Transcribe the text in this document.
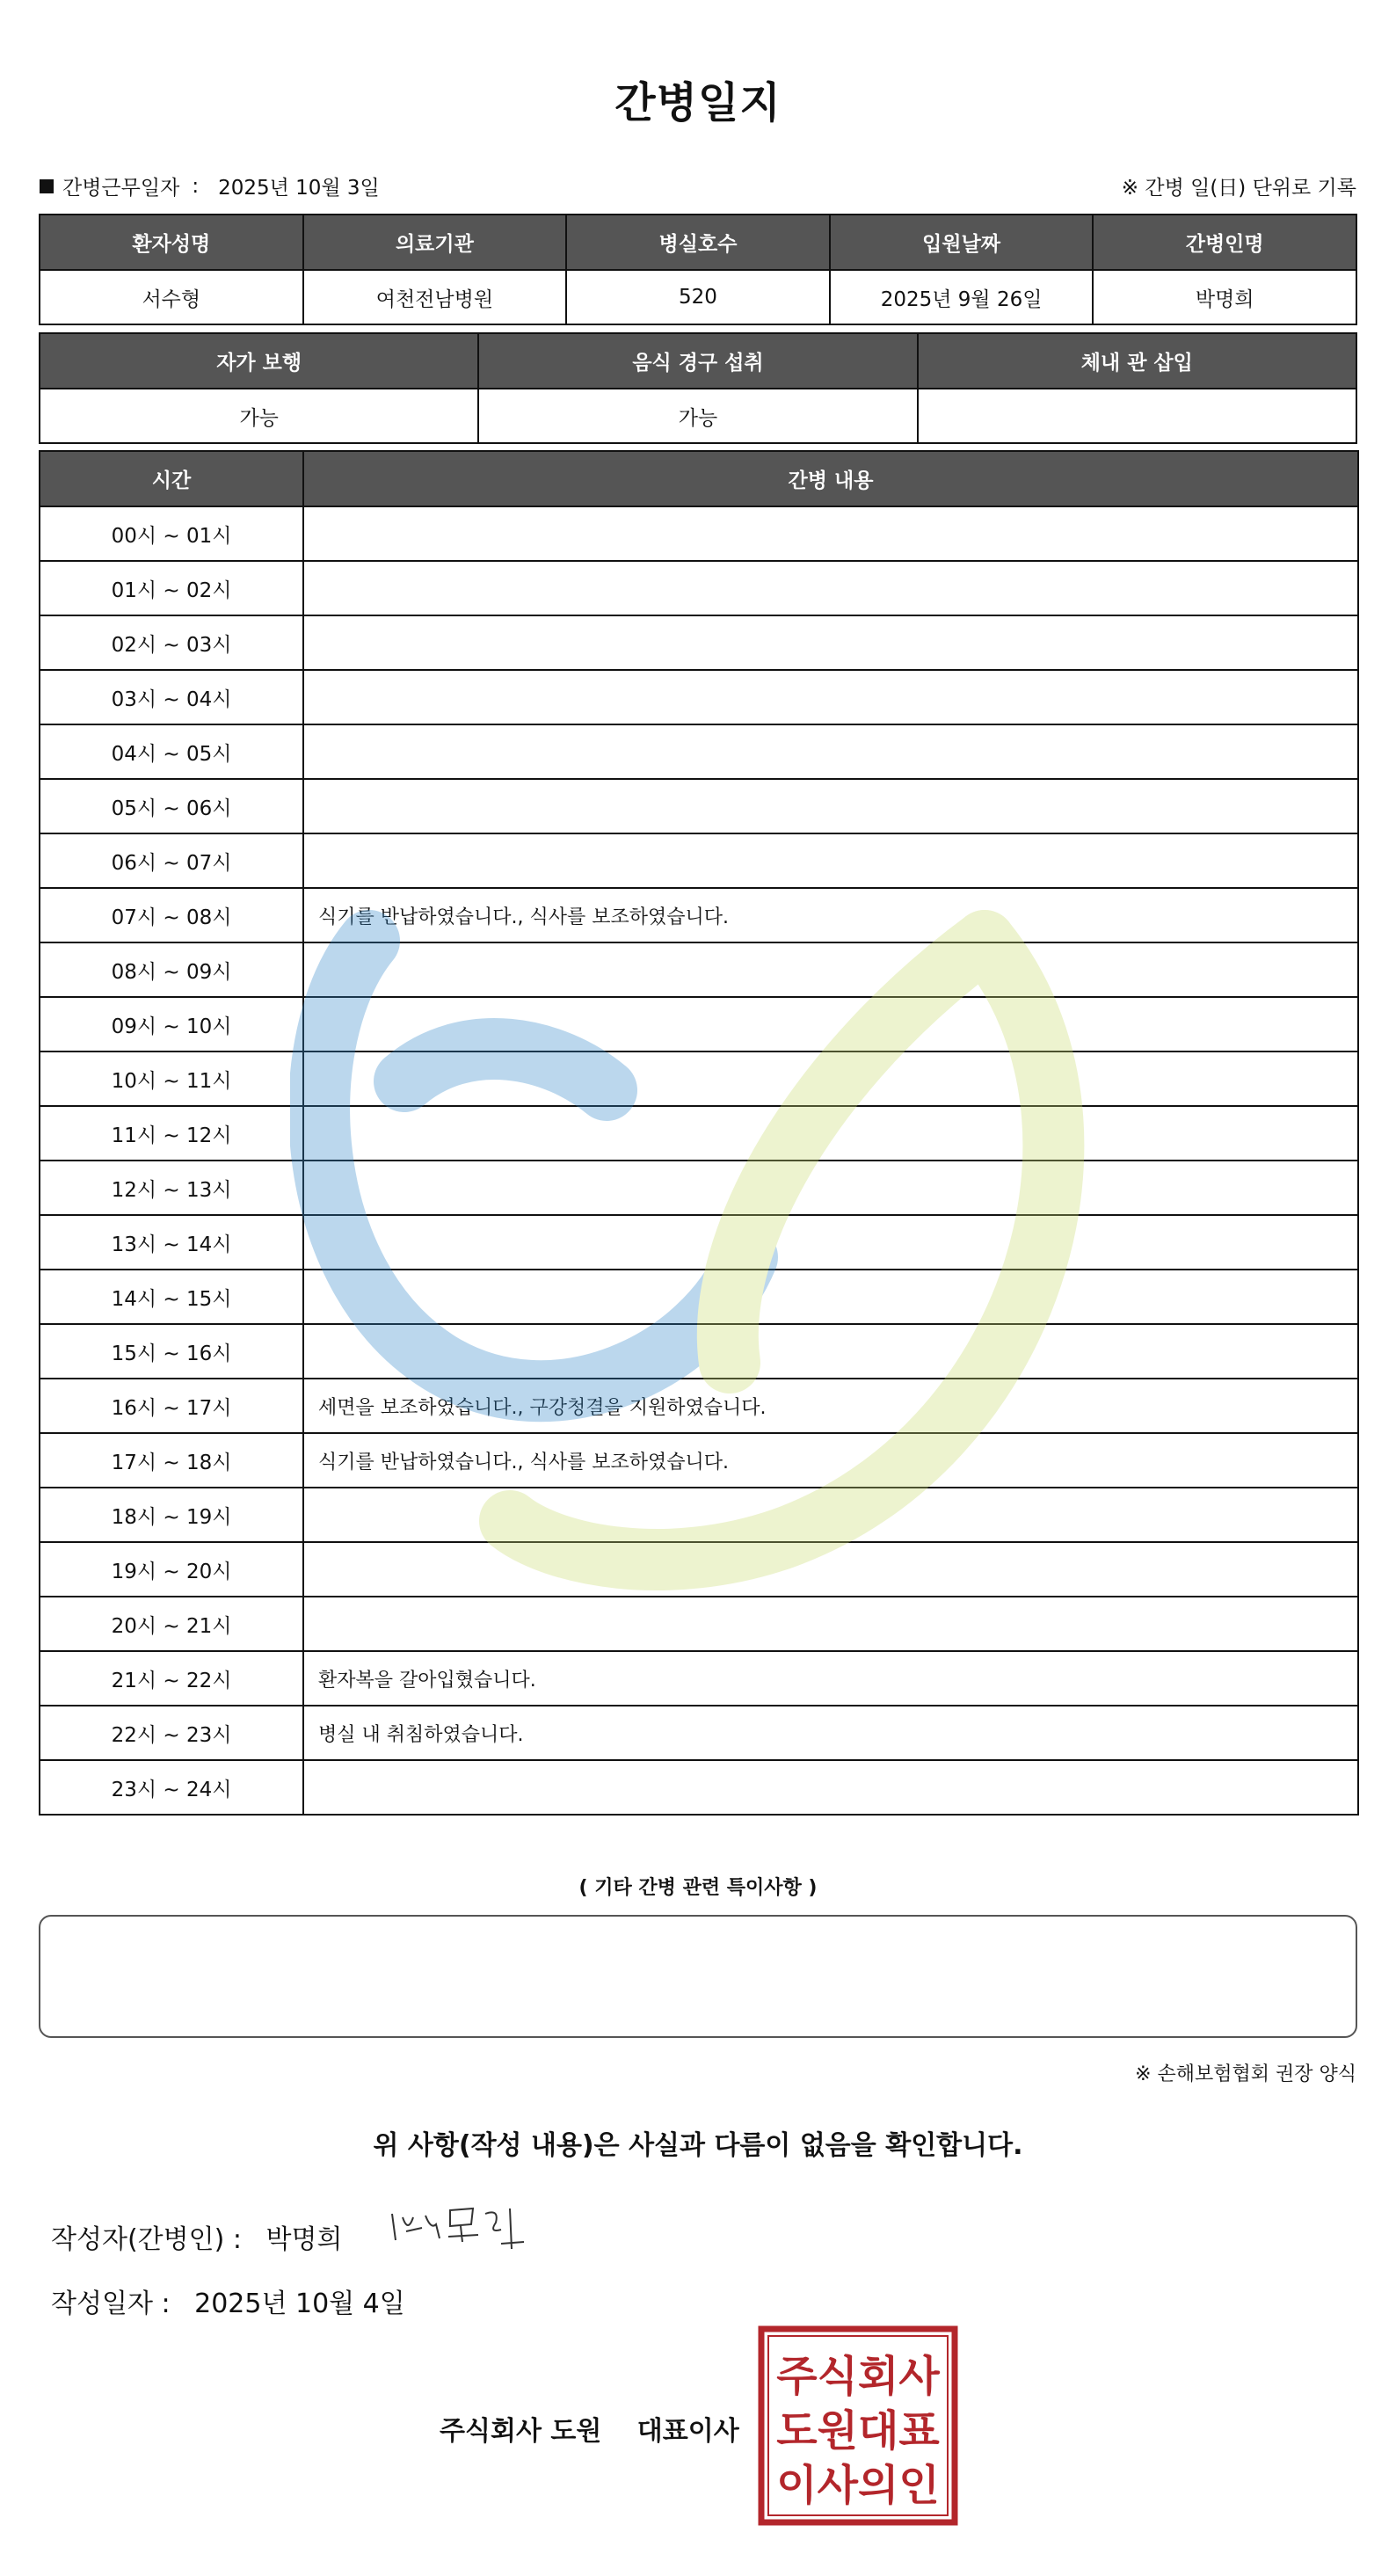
간병일지
간병근무일자 : 2025년 10월 3일	※ 간병 일(日) 단위로 기록
환자성명	의료기관	병실호수	입원날짜	간병인명
서수형	여천전남병원	520	2025년 9월 26일	박명희
자가 보행	음식 경구 섭취	체내 관 삽입
가능	가능	
시간	간병 내용
00시 ~ 01시	
01시 ~ 02시	
02시 ~ 03시	
03시 ~ 04시	
04시 ~ 05시	
05시 ~ 06시	
06시 ~ 07시	
07시 ~ 08시	식기를 반납하였습니다., 식사를 보조하였습니다.
08시 ~ 09시	
09시 ~ 10시	
10시 ~ 11시	
11시 ~ 12시	
12시 ~ 13시	
13시 ~ 14시	
14시 ~ 15시	
15시 ~ 16시	
16시 ~ 17시	세면을 보조하였습니다., 구강청결을 지원하였습니다.
17시 ~ 18시	식기를 반납하였습니다., 식사를 보조하였습니다.
18시 ~ 19시	
19시 ~ 20시	
20시 ~ 21시	
21시 ~ 22시	환자복을 갈아입혔습니다.
22시 ~ 23시	병실 내 취침하였습니다.
23시 ~ 24시	
( 기타 간병 관련 특이사항 )
※ 손해보험협회 권장 양식
위 사항(작성 내용)은 사실과 다름이 없음을 확인합니다.
작성자(간병인) : 박명희
작성일자 : 2025년 10월 4일
주식회사 도원 대표이사
주식회사
도원대표
이사의인
